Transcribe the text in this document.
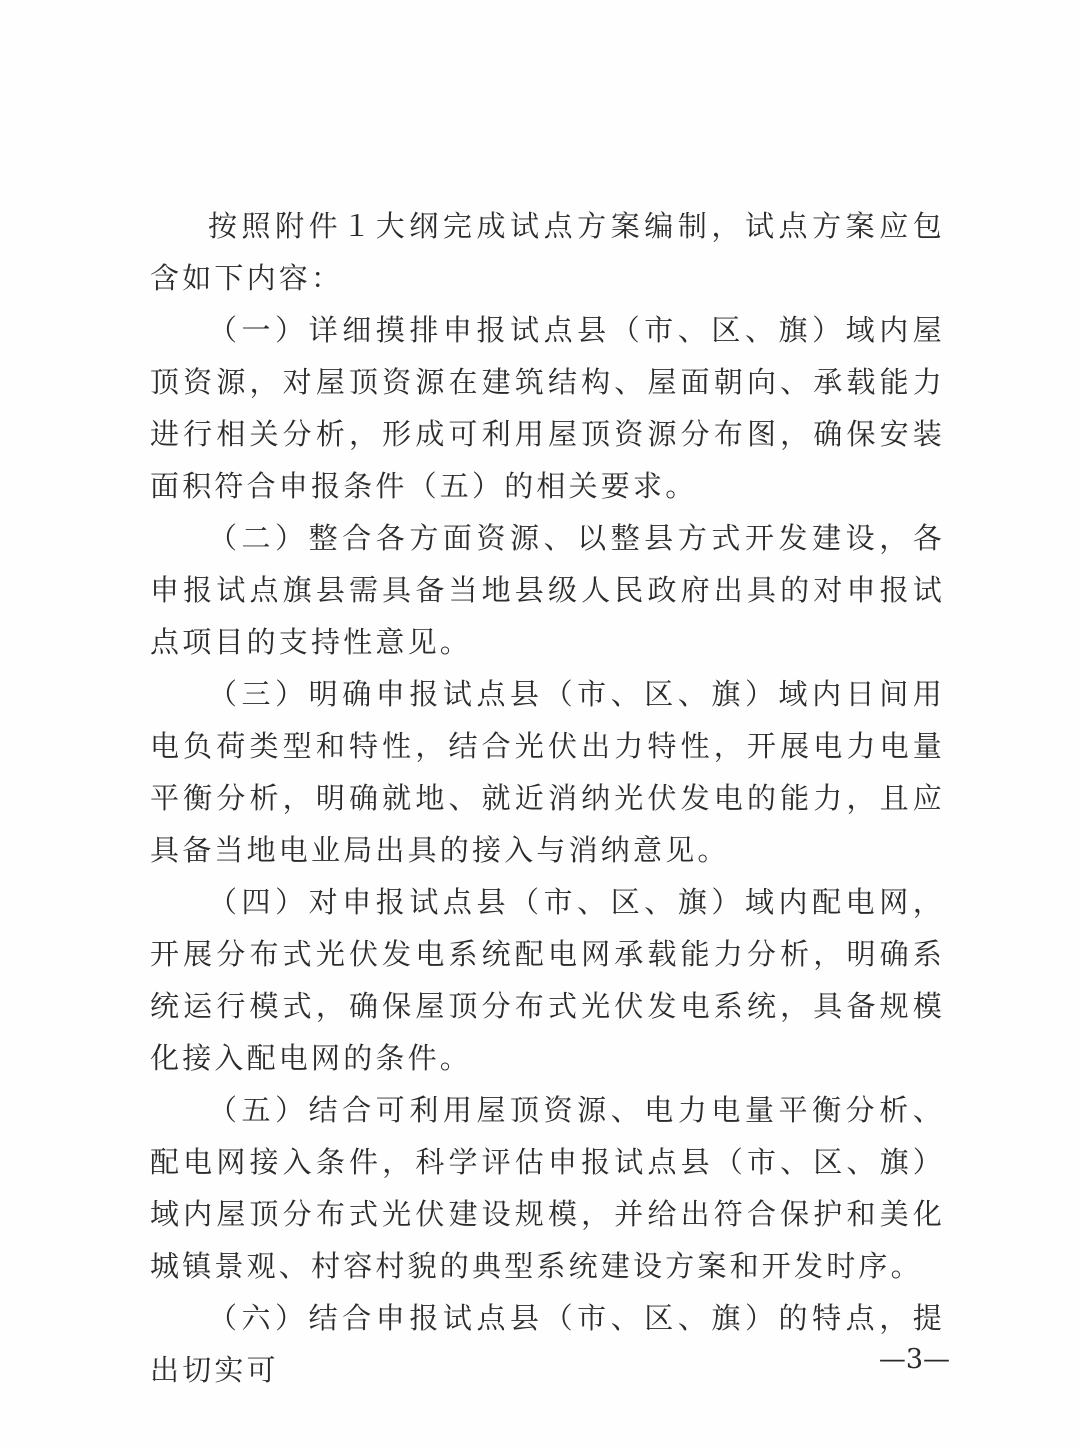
按照附件１大纲完成试点方案编制，试点方案应包含如下内容：

（一）详细摸排申报试点县（市、区、旗）域内屋顶资源，对屋顶资源在建筑结构、屋面朝向、承载能力进行相关分析，形成可利用屋顶资源分布图，确保安装面积符合申报条件（五）的相关要求。

（二）整合各方面资源、以整县方式开发建设，各申报试点旗县需具备当地县级人民政府出具的对申报试点项目的支持性意见。

（三）明确申报试点县（市、区、旗）域内日间用电负荷类型和特性，结合光伏出力特性，开展电力电量平衡分析，明确就地、就近消纳光伏发电的能力，且应具备当地电业局出具的接入与消纳意见。

（四）对申报试点县（市、区、旗）域内配电网，开展分布式光伏发电系统配电网承载能力分析，明确系统运行模式，确保屋顶分布式光伏发电系统，具备规模化接入配电网的条件。

（五）结合可利用屋顶资源、电力电量平衡分析、配电网接入条件，科学评估申报试点县（市、区、旗）域内屋顶分布式光伏建设规模，并给出符合保护和美化城镇景观、村容村貌的典型系统建设方案和开发时序。

（六）结合申报试点县（市、区、旗）的特点，提出切实可	—3—
